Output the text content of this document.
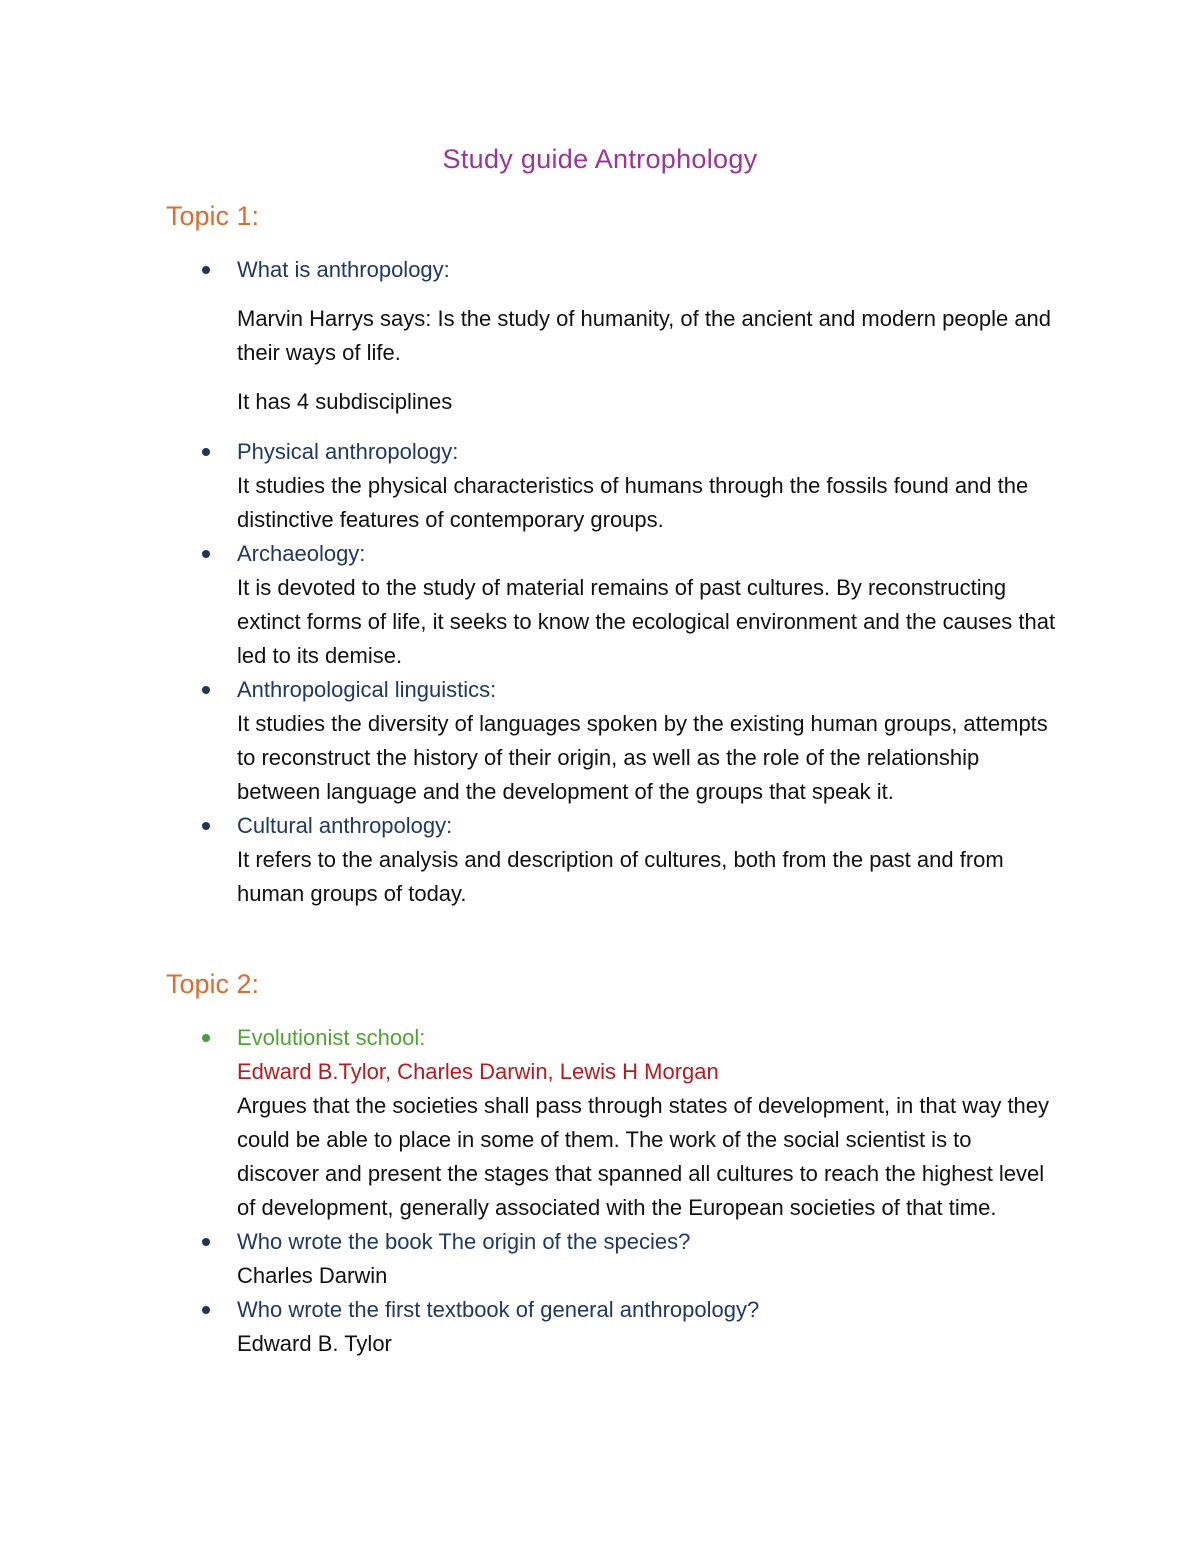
Study guide Antrophology
Topic 1:
What is anthropology:

Marvin Harrys says: Is the study of humanity, of the ancient and modern people and their ways of life.

It has 4 subdisciplines

Physical anthropology:
It studies the physical characteristics of humans through the fossils found and the distinctive features of contemporary groups.
Archaeology:
It is devoted to the study of material remains of past cultures. By reconstructing extinct forms of life, it seeks to know the ecological environment and the causes that led to its demise.
Anthropological linguistics:
It studies the diversity of languages spoken by the existing human groups, attempts to reconstruct the history of their origin, as well as the role of the relationship between language and the development of the groups that speak it.
Cultural anthropology:
It refers to the analysis and description of cultures, both from the past and from human groups of today.
Topic 2:
Evolutionist school:
Edward B.Tylor, Charles Darwin, Lewis H Morgan
Argues that the societies shall pass through states of development, in that way they could be able to place in some of them. The work of the social scientist is to discover and present the stages that spanned all cultures to reach the highest level of development, generally associated with the European societies of that time.
Who wrote the book The origin of the species?
Charles Darwin
Who wrote the first textbook of general anthropology?
Edward B. Tylor
